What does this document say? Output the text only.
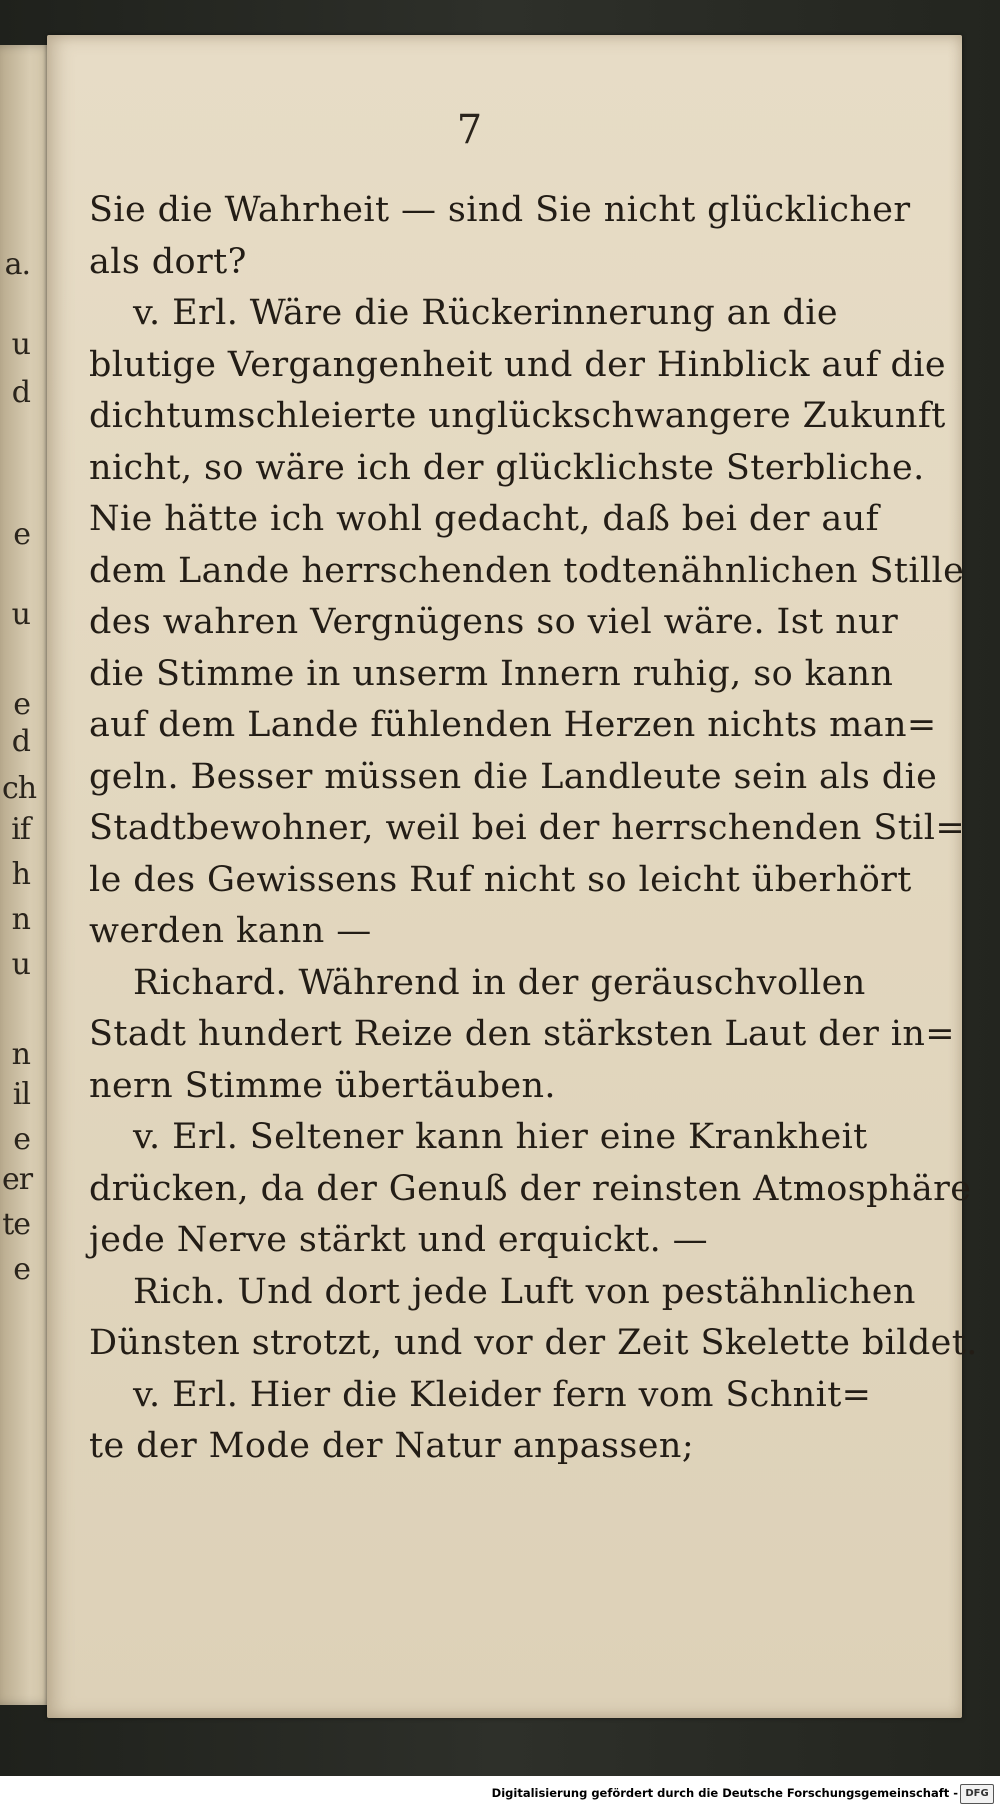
a.
u
d
e
u
e
d
ch
if
h
n
u
n
il
e
er
te
e
7
Sie die Wahrheit — sind Sie nicht glücklicher
als dort?
v. Erl. Wäre die Rückerinnerung an die
blutige Vergangenheit und der Hinblick auf die
dichtumschleierte unglückschwangere Zukunft
nicht, so wäre ich der glücklichste Sterbliche.
Nie hätte ich wohl gedacht, daß bei der auf
dem Lande herrschenden todtenähnlichen Stille
des wahren Vergnügens so viel wäre. Ist nur
die Stimme in unserm Innern ruhig, so kann
auf dem Lande fühlenden Herzen nichts man=
geln. Besser müssen die Landleute sein als die
Stadtbewohner, weil bei der herrschenden Stil=
le des Gewissens Ruf nicht so leicht überhört
werden kann —
Richard. Während in der geräuschvollen
Stadt hundert Reize den stärksten Laut der in=
nern Stimme übertäuben.
v. Erl. Seltener kann hier eine Krankheit
drücken, da der Genuß der reinsten Atmosphäre
jede Nerve stärkt und erquickt. —
Rich. Und dort jede Luft von pestähnlichen
Dünsten strotzt, und vor der Zeit Skelette bildet.
v. Erl. Hier die Kleider fern vom Schnit=
te der Mode der Natur anpassen;
Digitalisierung gefördert durch die Deutsche Forschungsgemeinschaft - DFG
